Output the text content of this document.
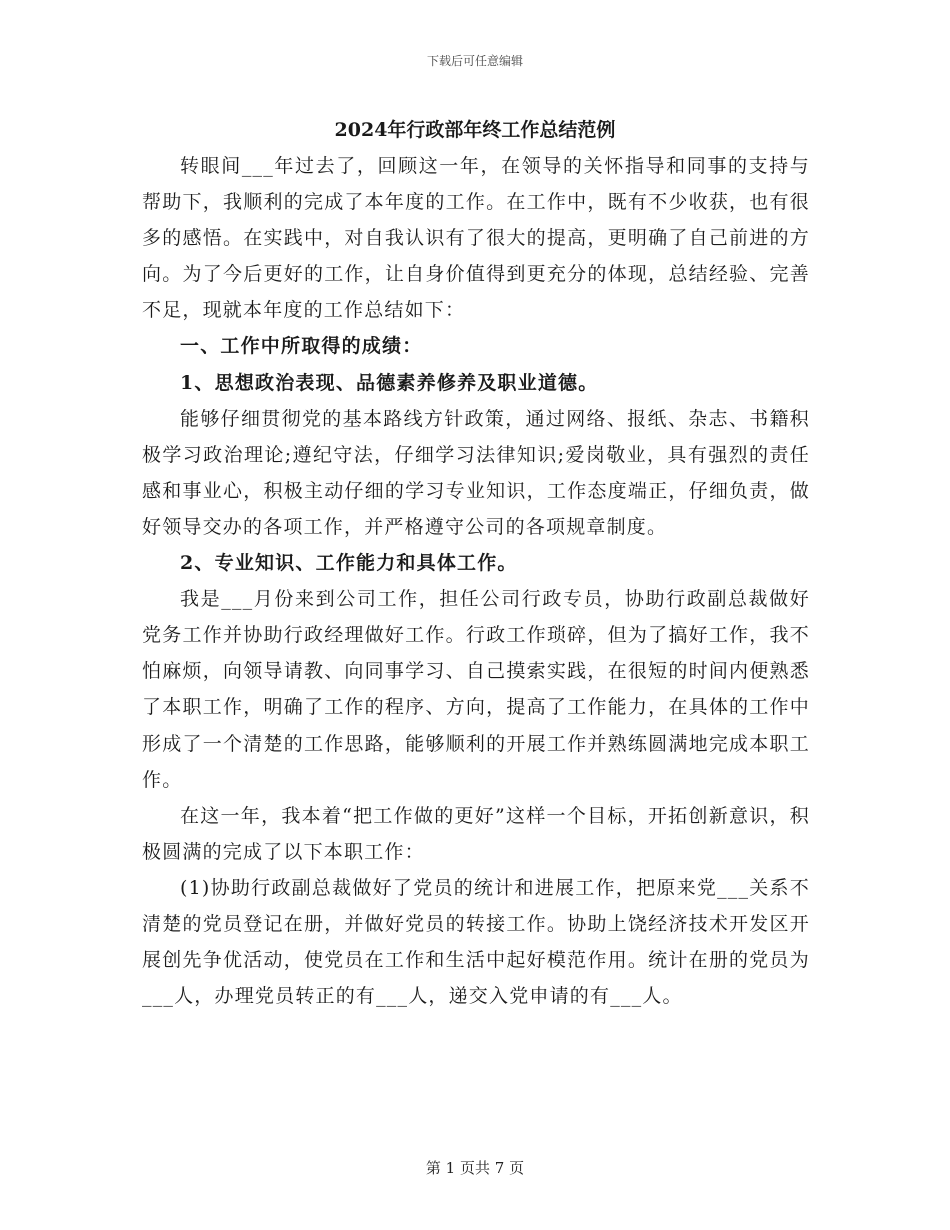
下载后可任意编辑
2024年行政部年终工作总结范例

转眼间___年过去了，回顾这一年，在领导的关怀指导和同事的支持与帮助下，我顺利的完成了本年度的工作。在工作中，既有不少收获，也有很多的感悟。在实践中，对自我认识有了很大的提高，更明确了自己前进的方向。为了今后更好的工作，让自身价值得到更充分的体现，总结经验、完善不足，现就本年度的工作总结如下：

一、工作中所取得的成绩：

1、思想政治表现、品德素养修养及职业道德。

能够仔细贯彻党的基本路线方针政策，通过网络、报纸、杂志、书籍积极学习政治理论;遵纪守法，仔细学习法律知识;爱岗敬业，具有强烈的责任感和事业心，积极主动仔细的学习专业知识，工作态度端正，仔细负责，做好领导交办的各项工作，并严格遵守公司的各项规章制度。

2、专业知识、工作能力和具体工作。

我是___月份来到公司工作，担任公司行政专员，协助行政副总裁做好党务工作并协助行政经理做好工作。行政工作琐碎，但为了搞好工作，我不怕麻烦，向领导请教、向同事学习、自己摸索实践，在很短的时间内便熟悉了本职工作，明确了工作的程序、方向，提高了工作能力，在具体的工作中形成了一个清楚的工作思路，能够顺利的开展工作并熟练圆满地完成本职工作。

在这一年，我本着“把工作做的更好”这样一个目标，开拓创新意识，积极圆满的完成了以下本职工作：

(1)协助行政副总裁做好了党员的统计和进展工作，把原来党___关系不清楚的党员登记在册，并做好党员的转接工作。协助上饶经济技术开发区开展创先争优活动，使党员在工作和生活中起好模范作用。统计在册的党员为___人，办理党员转正的有___人，递交入党申请的有___人。

第 1 页共 7 页
